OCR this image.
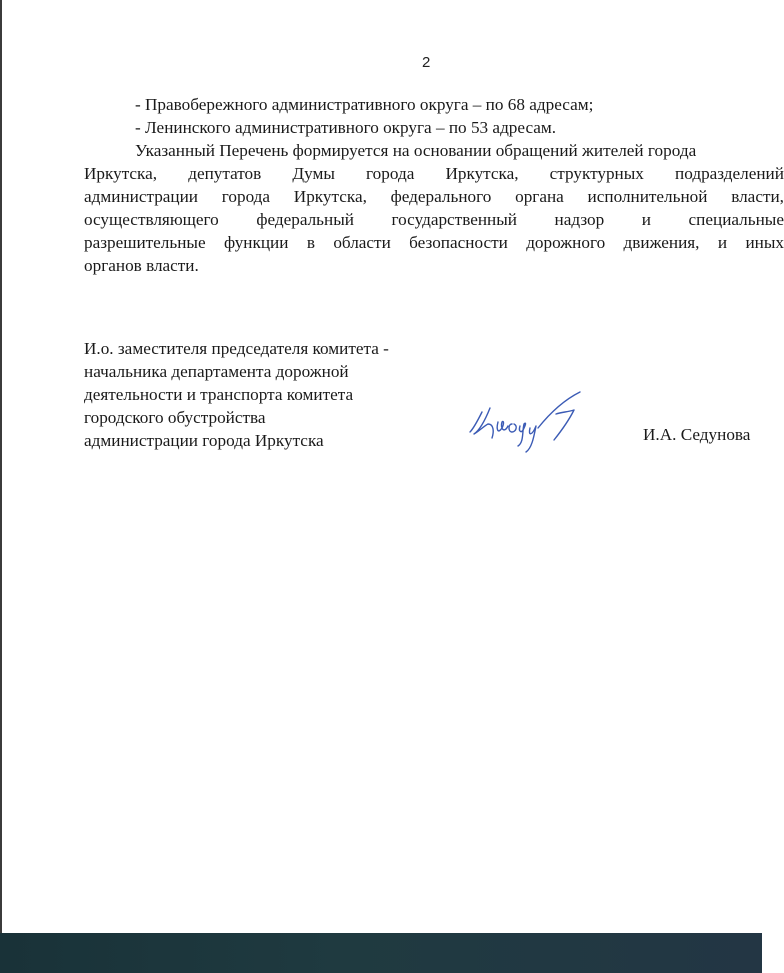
2
- Правобережного административного округа – по 68 адресам;
- Ленинского административного округа – по 53 адресам.
Указанный Перечень формируется на основании обращений жителей города
Иркутска, депутатов Думы города Иркутска, структурных подразделений
администрации города Иркутска, федерального органа исполнительной власти,
осуществляющего федеральный государственный надзор и специальные
разрешительные функции в области безопасности дорожного движения, и иных
органов власти.
И.о. заместителя председателя комитета -
начальника департамента дорожной
деятельности и транспорта комитета
городского обустройства
администрации города Иркутска	И.А. Седунова
